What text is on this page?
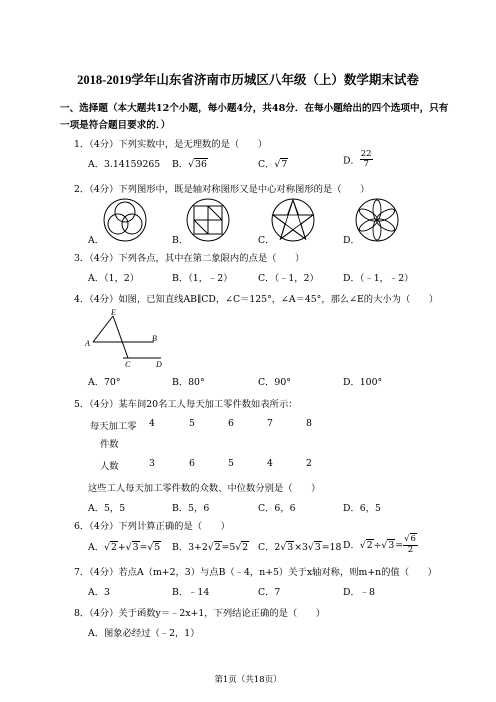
2018-2019学年山东省济南市历城区八年级（上）数学期末试卷
一、选择题（本大题共12个小题，每小题4分，共48分．在每小题给出的四个选项中，只有一项是符合题目要求的．）
1．（4分）下列实数中，是无理数的是（　　）
A．3.14159265 B．√36	C．√7	D． $\frac{22}{7}$
2．（4分）下列图形中，既是轴对称图形又是中心对称图形的是（　　）
A．	B．	C．	D．
3．（4分）下列各点，其中在第二象限内的点是（　　）
A．（1，2）	B．（1，﹣2）	C．（﹣1，2）	D．（﹣1，﹣2）
4．（4分）如图，已知直线AB∥CD，∠C＝125°，∠A＝45°，那么∠E的大小为（　　）
E
A
B
C	D
A．70°	B．80°	C．90°	D．100°
5．（4分）某车间20名工人每天加工零件数如表所示：
每天加工零
件数
4	5	6	7	8
人数	3	6	5	4	2
这些工人每天加工零件数的众数、中位数分别是（　　）
A．5，5	B．5，6	C．6，6	D．6，5
6．（4分）下列计算正确的是（　　）
A．√2+√3=√5 B．3+2√2=5√2 C．2√3×3√3=18 D．$√2\div√3= \frac{√6}{2}$
7．（4分）若点A（m+2，3）与点B（﹣4，n+5）关于x轴对称，则m+n的值（　　）
A．3	B．﹣14	C．7	D．﹣8
8．（4分）关于函数y＝﹣2x+1，下列结论正确的是（　　）
A．图象必经过（﹣2，1）
第1页（共18页）
